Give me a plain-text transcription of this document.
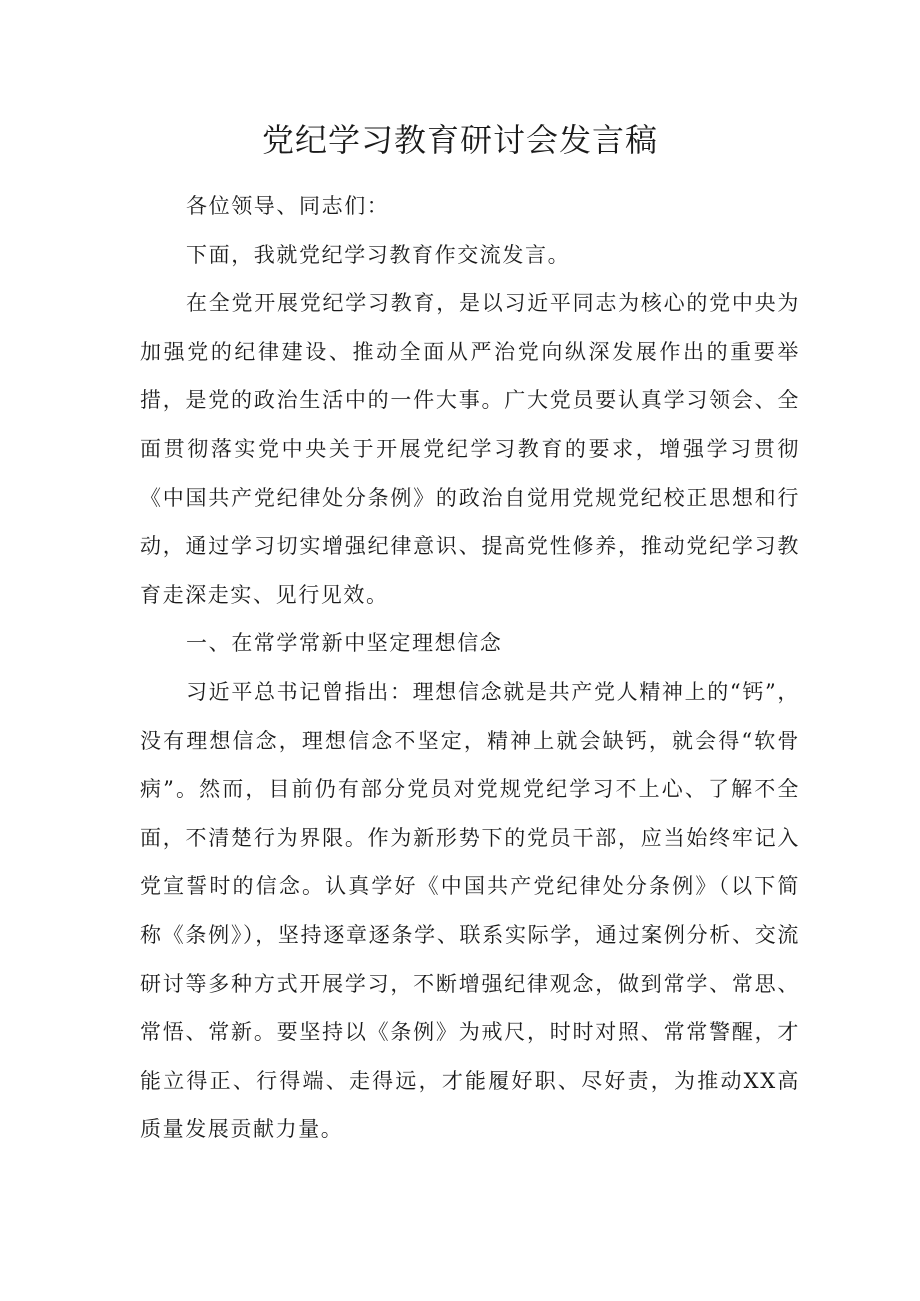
党纪学习教育研讨会发言稿

各位领导、同志们：

下面，我就党纪学习教育作交流发言。

在全党开展党纪学习教育，是以习近平同志为核心的党中央为加强党的纪律建设、推动全面从严治党向纵深发展作出的重要举措，是党的政治生活中的一件大事。广大党员要认真学习领会、全面贯彻落实党中央关于开展党纪学习教育的要求，增强学习贯彻《中国共产党纪律处分条例》的政治自觉用党规党纪校正思想和行动，通过学习切实增强纪律意识、提高党性修养，推动党纪学习教育走深走实、见行见效。

一、在常学常新中坚定理想信念

习近平总书记曾指出：理想信念就是共产党人精神上的“钙”，没有理想信念，理想信念不坚定，精神上就会缺钙，就会得“软骨病”。然而，目前仍有部分党员对党规党纪学习不上心、了解不全面，不清楚行为界限。作为新形势下的党员干部，应当始终牢记入党宣誓时的信念。认真学好《中国共产党纪律处分条例》（以下简称《条例》），坚持逐章逐条学、联系实际学，通过案例分析、交流研讨等多种方式开展学习，不断增强纪律观念，做到常学、常思、常悟、常新。要坚持以《条例》为戒尺，时时对照、常常警醒，才能立得正、行得端、走得远，才能履好职、尽好责，为推动XX高质量发展贡献力量。
